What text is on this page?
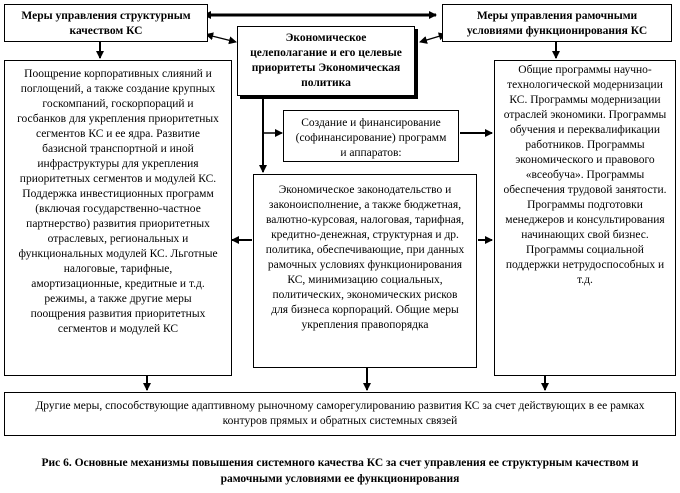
Меры управления структурным качеством КС
Меры управления рамочными условиями функционирования КС
Экономическое целеполагание и его целевые приоритеты Экономическая политика
Создание и финансирование (софинансирование) программ и аппаратов:
Поощрение корпоративных слияний и поглощений, а также создание крупных госкомпаний, госкорпораций и госбанков для укрепления приоритетных сегментов КС и ее ядра. Развитие базисной транспортной и иной инфраструктуры для укрепления приоритетных сегментов и модулей КС. Поддержка инвестиционных программ (включая государственно-частное партнерство) развития приоритетных отраслевых, региональных и функциональных модулей КС. Льготные налоговые, тарифные, амортизационные, кредитные и т.д. режимы, а также другие меры поощрения развития приоритетных сегментов и модулей КС
Экономическое законодательство и законоисполнение, а также бюджетная, валютно-курсовая, налоговая, тарифная, кредитно-денежная, структурная и др. политика, обеспечивающие, при данных рамочных условиях функционирования КС, минимизацию социальных, политических, экономических рисков для бизнеса корпораций. Общие меры укрепления правопорядка
Общие программы научно-технологической модернизации КС. Программы модернизации отраслей экономики. Программы обучения и переквалификации работников. Программы экономического и правового «всеобуча». Программы обеспечения трудовой занятости. Программы подготовки менеджеров и консультирования начинающих свой бизнес. Программы социальной поддержки нетрудоспособных и т.д.
Другие меры, способствующие адаптивному рыночному саморегулированию развития КС за счет действующих в ее рамках контуров прямых и обратных системных связей
Рис 6. Основные механизмы повышения системного качества КС за счет управления ее структурным качеством и рамочными условиями ее функционирования
